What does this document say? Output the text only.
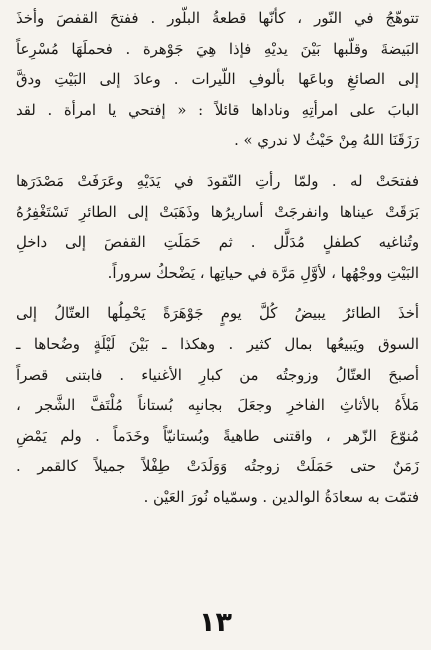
تتوهّجُ في النّور ، كأنّها قطعةُ البلّور . ففتحَ القفصَ وأخذَ
البَيضةَ وقلّبها بَيْنَ يديْهِ فإذا هِيَ جَوْهرة . فحملَهَا مُسْرِعاً
إلى الصائغِ وباعَها بألوفِ اللّيرات . وعادَ إلى البَيْتِ ودقَّ
البابَ على امرأتِهِ وناداها قائلاً : « إفتحي يا امرأة . لقد
رَزَقَنَا اللهُ مِنْ حَيْثُ لا ندري » .
ففتحَتْ له . ولمّا رأتِ النّقودَ في يَدَيْهِ وعَرَفَتْ مَصْدَرَها
بَرَقَتْ عيناها وانفرجَتْ أساريرُها وذَهَبَتْ إلى الطائرِ تَسْتَغْفِرُهُ
وتُناغيه كطفلٍ مُدَلَّل . ثم حَمَلَتِ القفصَ إلى داخلِ
البَيْتِ ووجْهُها ، لأوَّلِ مَرَّة في حياتِها ، يَضْحكُ سروراً.
أخذَ الطائرُ يبيضُ كُلَّ يومٍ جَوْهَرَةً يَحْمِلُها العتّالُ إلى
السوق ويَبيعُها بمال كثير . وهكذا ـ بَيْنَ لَيْلَةٍ وضُحاها ـ
أصبحَ العتّالُ وزوجتُه من كبارِ الأغنياء . فابتنى قصراً
مَلأَهُ بالأثاثِ الفاخرِ وجعَلَ بجانبِه بُستاناً مُلْتَفَّ الشَّجر ،
مُنوّعَ الزّهر ، واقتنى طاهيةً وبُستانيّاً وخَدَماً . ولم يَمْضِ
زَمَنٌ حتى حَمَلَتْ زوجتُه وَوَلَدَتْ طِفْلاً جميلاً كالقمر .
فتمّت به سعادَةُ الوالدين . وسمّياه نُورَ العَيْن .
١٣
